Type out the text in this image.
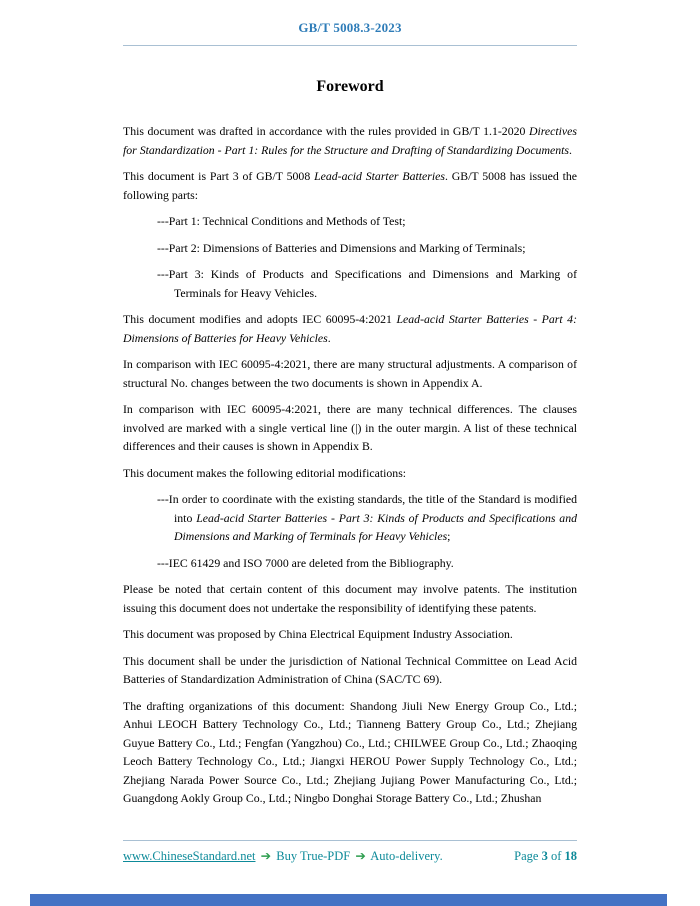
GB/T 5008.3-2023
Foreword
This document was drafted in accordance with the rules provided in GB/T 1.1-2020 Directives for Standardization - Part 1: Rules for the Structure and Drafting of Standardizing Documents.
This document is Part 3 of GB/T 5008 Lead-acid Starter Batteries. GB/T 5008 has issued the following parts:
---Part 1: Technical Conditions and Methods of Test;
---Part 2: Dimensions of Batteries and Dimensions and Marking of Terminals;
---Part 3: Kinds of Products and Specifications and Dimensions and Marking of Terminals for Heavy Vehicles.
This document modifies and adopts IEC 60095-4:2021 Lead-acid Starter Batteries - Part 4: Dimensions of Batteries for Heavy Vehicles.
In comparison with IEC 60095-4:2021, there are many structural adjustments. A comparison of structural No. changes between the two documents is shown in Appendix A.
In comparison with IEC 60095-4:2021, there are many technical differences. The clauses involved are marked with a single vertical line (|) in the outer margin. A list of these technical differences and their causes is shown in Appendix B.
This document makes the following editorial modifications:
---In order to coordinate with the existing standards, the title of the Standard is modified into Lead-acid Starter Batteries - Part 3: Kinds of Products and Specifications and Dimensions and Marking of Terminals for Heavy Vehicles;
---IEC 61429 and ISO 7000 are deleted from the Bibliography.
Please be noted that certain content of this document may involve patents. The institution issuing this document does not undertake the responsibility of identifying these patents.
This document was proposed by China Electrical Equipment Industry Association.
This document shall be under the jurisdiction of National Technical Committee on Lead Acid Batteries of Standardization Administration of China (SAC/TC 69).
The drafting organizations of this document: Shandong Jiuli New Energy Group Co., Ltd.; Anhui LEOCH Battery Technology Co., Ltd.; Tianneng Battery Group Co., Ltd.; Zhejiang Guyue Battery Co., Ltd.; Fengfan (Yangzhou) Co., Ltd.; CHILWEE Group Co., Ltd.; Zhaoqing Leoch Battery Technology Co., Ltd.; Jiangxi HEROU Power Supply Technology Co., Ltd.; Zhejiang Narada Power Source Co., Ltd.; Zhejiang Jujiang Power Manufacturing Co., Ltd.; Guangdong Aokly Group Co., Ltd.; Ningbo Donghai Storage Battery Co., Ltd.; Zhushan
www.ChineseStandard.net ➔ Buy True-PDF ➔ Auto-delivery.	Page 3 of 18
